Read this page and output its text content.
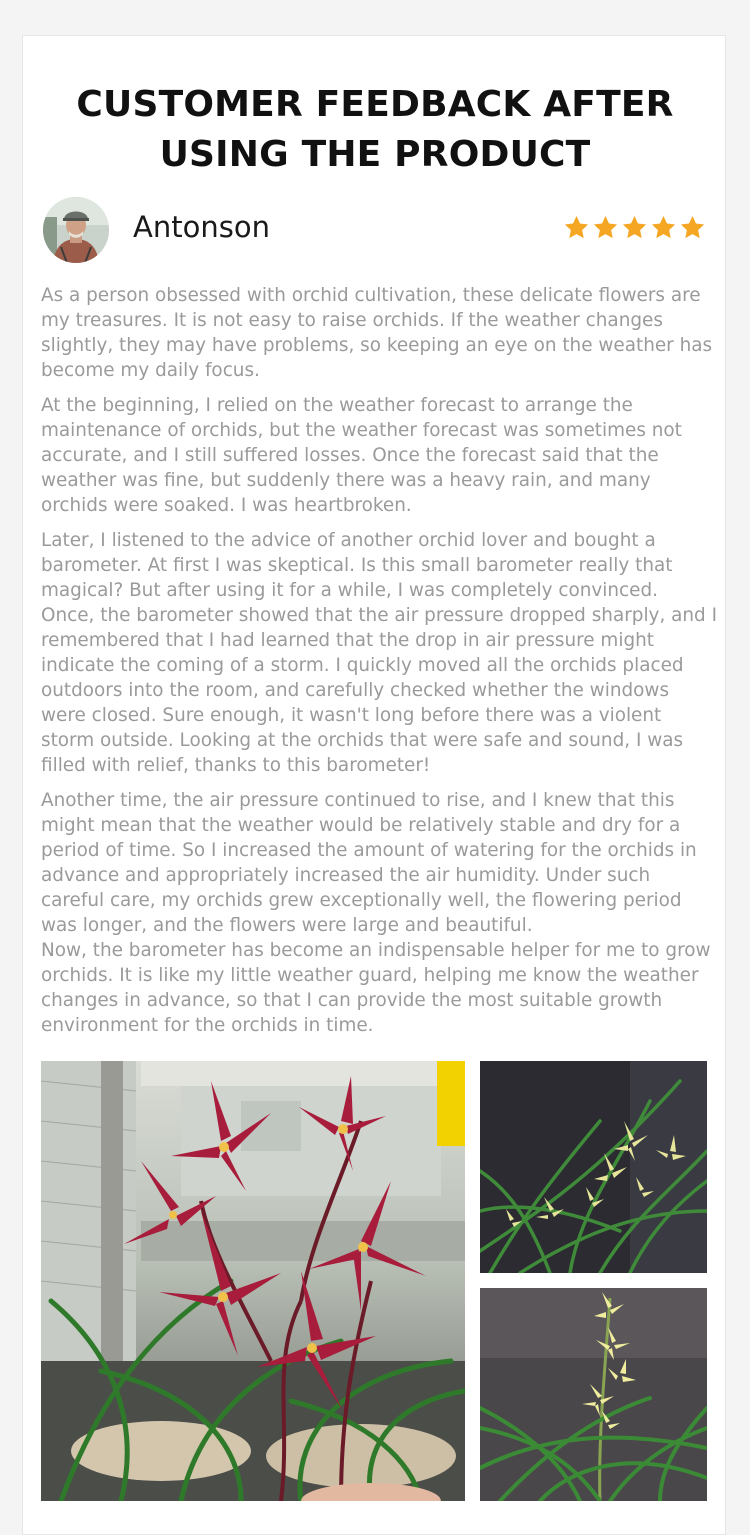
CUSTOMER FEEDBACK AFTER USING THE PRODUCT
Antonson

As a person obsessed with orchid cultivation, these delicate flowers are my treasures. It is not easy to raise orchids. If the weather changes slightly, they may have problems, so keeping an eye on the weather has become my daily focus.

At the beginning, I relied on the weather forecast to arrange the maintenance of orchids, but the weather forecast was sometimes not accurate, and I still suffered losses. Once the forecast said that the weather was fine, but suddenly there was a heavy rain, and many orchids were soaked. I was heartbroken.

Later, I listened to the advice of another orchid lover and bought a barometer. At first I was skeptical. Is this small barometer really that magical? But after using it for a while, I was completely convinced. Once, the barometer showed that the air pressure dropped sharply, and I remembered that I had learned that the drop in air pressure might indicate the coming of a storm. I quickly moved all the orchids placed outdoors into the room, and carefully checked whether the windows were closed. Sure enough, it wasn't long before there was a violent storm outside. Looking at the orchids that were safe and sound, I was filled with relief, thanks to this barometer!

Another time, the air pressure continued to rise, and I knew that this might mean that the weather would be relatively stable and dry for a period of time. So I increased the amount of watering for the orchids in advance and appropriately increased the air humidity. Under such careful care, my orchids grew exceptionally well, the flowering period was longer, and the flowers were large and beautiful.

Now, the barometer has become an indispensable helper for me to grow orchids. It is like my little weather guard, helping me know the weather changes in advance, so that I can provide the most suitable growth environment for the orchids in time.
